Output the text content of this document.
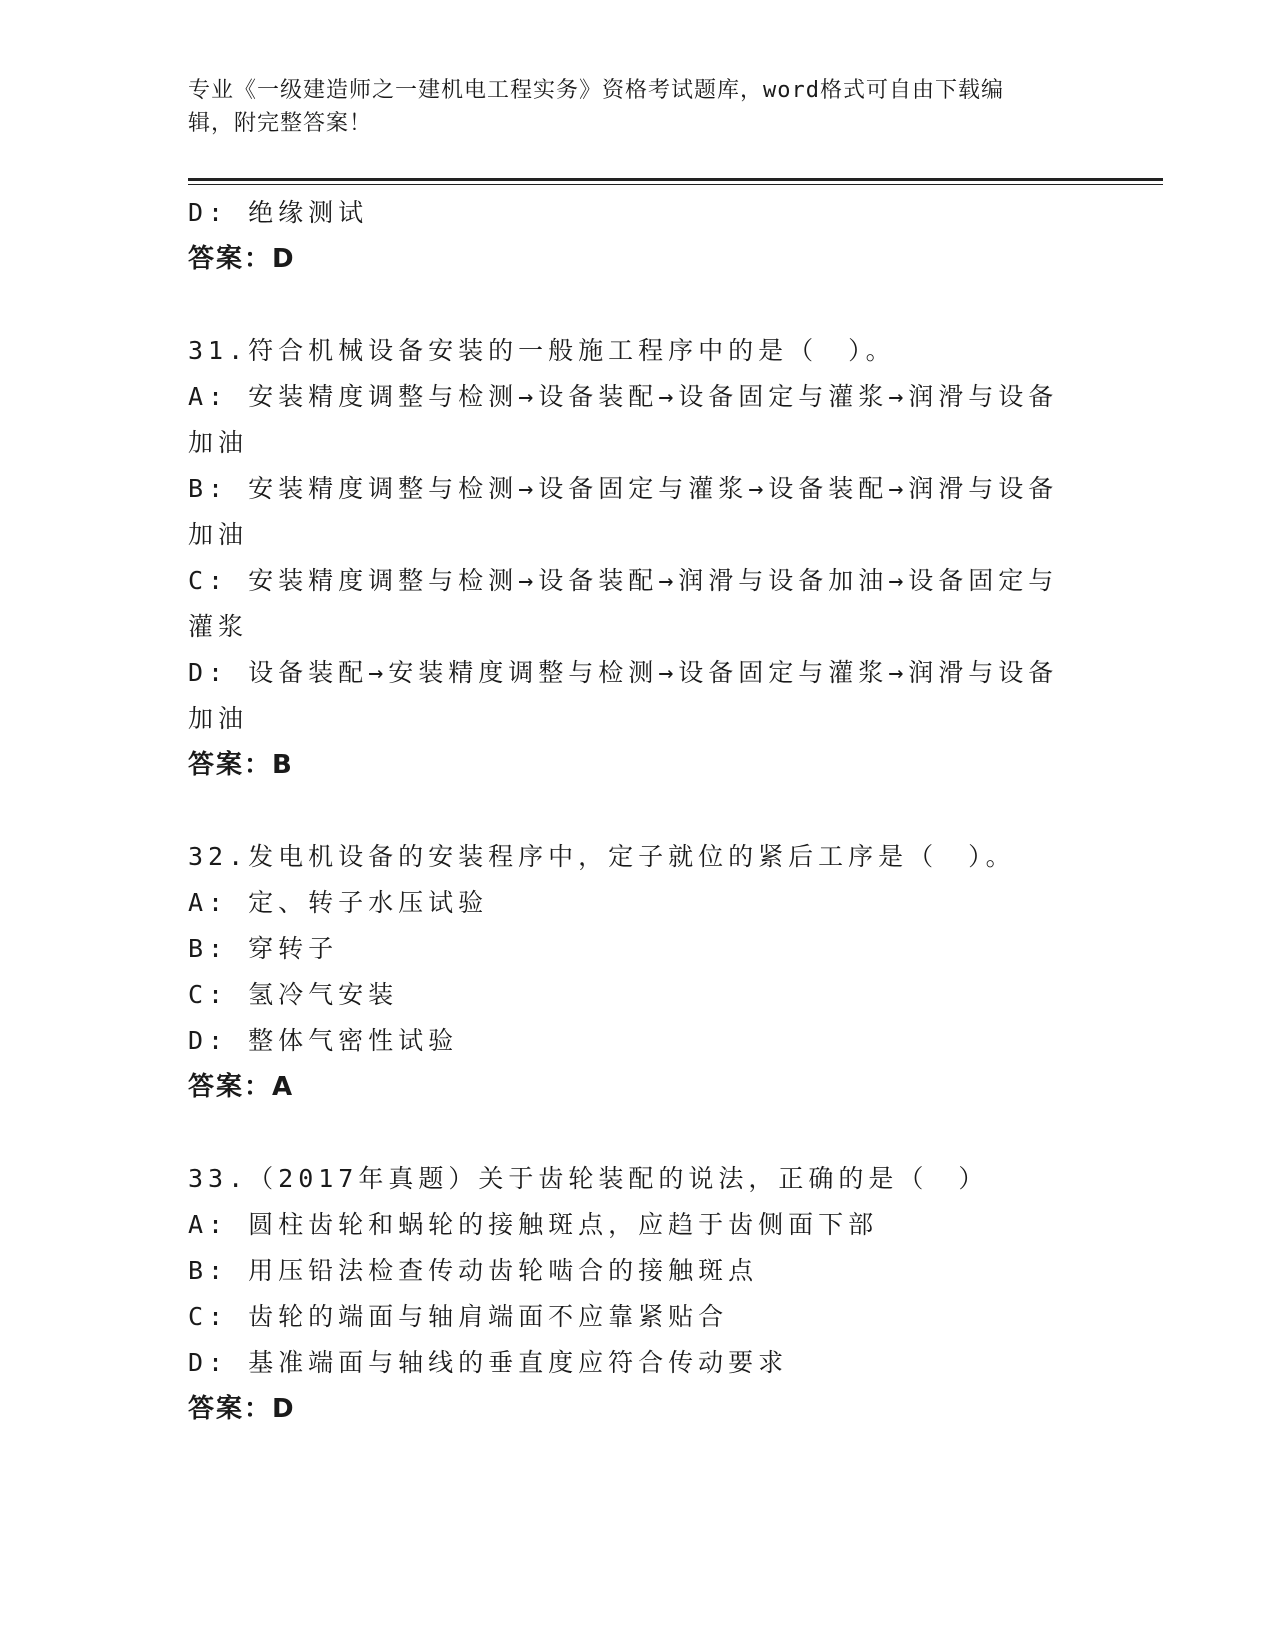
专业《一级建造师之一建机电工程实务》资格考试题库，word格式可自由下载编
辑，附完整答案！
D: 绝缘测试
答案：D
31.符合机械设备安装的一般施工程序中的是（　）。
A: 安装精度调整与检测→设备装配→设备固定与灌浆→润滑与设备加油
B: 安装精度调整与检测→设备固定与灌浆→设备装配→润滑与设备加油
C: 安装精度调整与检测→设备装配→润滑与设备加油→设备固定与灌浆
D: 设备装配→安装精度调整与检测→设备固定与灌浆→润滑与设备加油
答案：B
32.发电机设备的安装程序中，定子就位的紧后工序是（　）。
A: 定、转子水压试验
B: 穿转子
C: 氢冷气安装
D: 整体气密性试验
答案：A
33.（2017年真题）关于齿轮装配的说法，正确的是（　）
A: 圆柱齿轮和蜗轮的接触斑点，应趋于齿侧面下部
B: 用压铅法检查传动齿轮啮合的接触斑点
C: 齿轮的端面与轴肩端面不应靠紧贴合
D: 基准端面与轴线的垂直度应符合传动要求
答案：D
